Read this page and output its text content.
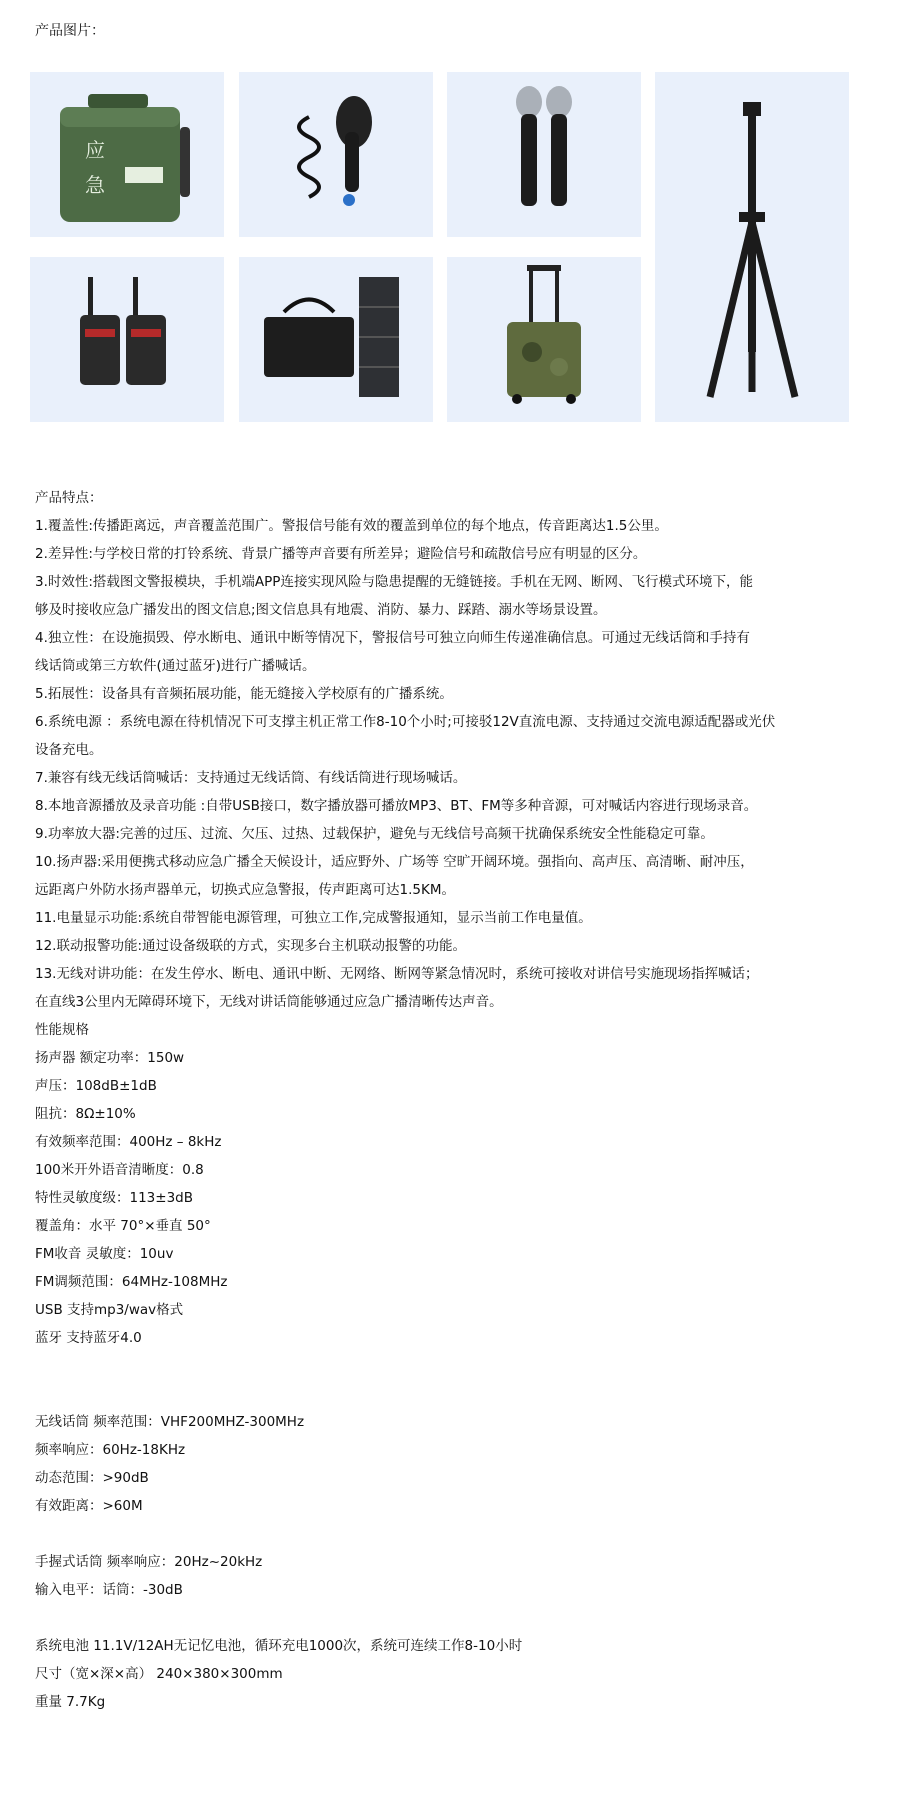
产品图片：
应
急
产品特点：
1.覆盖性:传播距离远，声音覆盖范围广。警报信号能有效的覆盖到单位的每个地点，传音距离达1.5公里。
2.差异性:与学校日常的打铃系统、背景广播等声音要有所差异；避险信号和疏散信号应有明显的区分。
3.时效性:搭载图文警报模块，手机端APP连接实现风险与隐患提醒的无缝链接。手机在无网、断网、飞行模式环境下，能
够及时接收应急广播发出的图文信息;图文信息具有地震、消防、暴力、踩踏、溺水等场景设置。
4.独立性：在设施损毁、停水断电、通讯中断等情况下，警报信号可独立向师生传递准确信息。可通过无线话筒和手持有
线话筒或第三方软件(通过蓝牙)进行广播喊话。
5.拓展性：设备具有音频拓展功能，能无缝接入学校原有的广播系统。
6.系统电源 ：系统电源在待机情况下可支撑主机正常工作8-10个小时;可接驳12V直流电源、支持通过交流电源适配器或光伏
设备充电。
7.兼容有线无线话筒喊话：支持通过无线话筒、有线话筒进行现场喊话。
8.本地音源播放及录音功能 :自带USB接口，数字播放器可播放MP3、BT、FM等多种音源，可对喊话内容进行现场录音。
9.功率放大器:完善的过压、过流、欠压、过热、过载保护，避免与无线信号高频干扰确保系统安全性能稳定可靠。
10.扬声器:采用便携式移动应急广播全天候设计，适应野外、广场等 空旷开阔环境。强指向、高声压、高清晰、耐冲压，
远距离户外防水扬声器单元，切换式应急警报，传声距离可达1.5KM。
11.电量显示功能:系统自带智能电源管理，可独立工作,完成警报通知，显示当前工作电量值。
12.联动报警功能:通过设备级联的方式，实现多台主机联动报警的功能。
13.无线对讲功能：在发生停水、断电、通讯中断、无网络、断网等紧急情况时，系统可接收对讲信号实施现场指挥喊话；
在直线3公里内无障碍环境下，无线对讲话筒能够通过应急广播清晰传达声音。
性能规格
扬声器 额定功率：150w
声压：108dB±1dB
阻抗：8Ω±10%
有效频率范围：400Hz – 8kHz
100米开外语音清晰度：0.8
特性灵敏度级：113±3dB
覆盖角：水平 70°×垂直 50°
FM收音 灵敏度：10uv
FM调频范围：64MHz-108MHz
USB 支持mp3/wav格式
蓝牙 支持蓝牙4.0
无线话筒 频率范围：VHF200MHZ-300MHz
频率响应：60Hz-18KHz
动态范围：>90dB
有效距离：>60M
手握式话筒 频率响应：20Hz~20kHz
输入电平：话筒：-30dB
系统电池 11.1V/12AH无记忆电池，循环充电1000次，系统可连续工作8-10小时
尺寸（宽×深×高） 240×380×300mm
重量 7.7Kg
